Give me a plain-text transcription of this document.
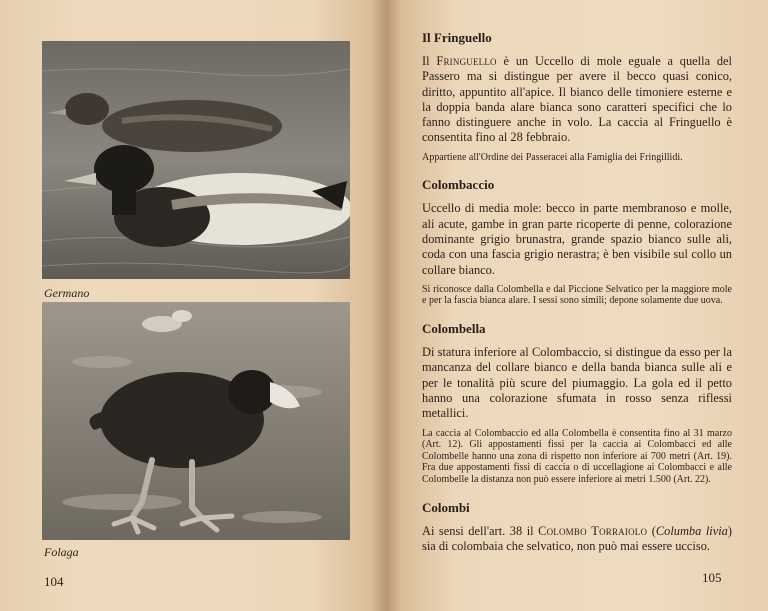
Germano
Folaga
104
Il Fringuello

Il Fringuello è un Uccello di mole eguale a quella del Passero ma si distingue per avere il becco quasi conico, diritto, appuntito all'apice. Il bianco delle timoniere esterne e la doppia banda alare bianca sono caratteri specifici che lo fanno distinguere anche in volo. La caccia al Fringuello è consentita fino al 28 febbraio.

Appartiene all'Ordine dei Passeracei alla Famiglia dei Fringillidi.

Colombaccio

Uccello di media mole: becco in parte membranoso e molle, ali acute, gambe in gran parte ricoperte di penne, colorazione dominante grigio brunastra, grande spazio bianco sulle ali, coda con una fascia grigio nerastra; è ben visibile sul collo un collare bianco.

Si riconosce dalla Colombella e dal Piccione Selvatico per la maggiore mole e per la fascia bianca alare. I sessi sono simili; depone solamente due uova.

Colombella

Di statura inferiore al Colombaccio, si distingue da esso per la mancanza del collare bianco e della banda bianca sulle ali e per le tonalità più scure del piumaggio. La gola ed il petto hanno una colorazione sfumata in rosso senza riflessi metallici.

La caccia al Colombaccio ed alla Colombella è consentita fino al 31 marzo (Art. 12). Gli appostamenti fissi per la caccia ai Colombacci ed alle Colombelle hanno una zona di rispetto non inferiore ai 700 metri (Art. 19). Fra due appostamenti fissi di caccia o di uccellagione ai Colombacci e alle Colombelle la distanza non può essere inferiore ai metri 1.500 (Art. 22).

Colombi

Ai sensi dell'art. 38 il Colombo Torraiolo (Columba livia) sia di colombaia che selvatico, non può mai essere ucciso.

105
